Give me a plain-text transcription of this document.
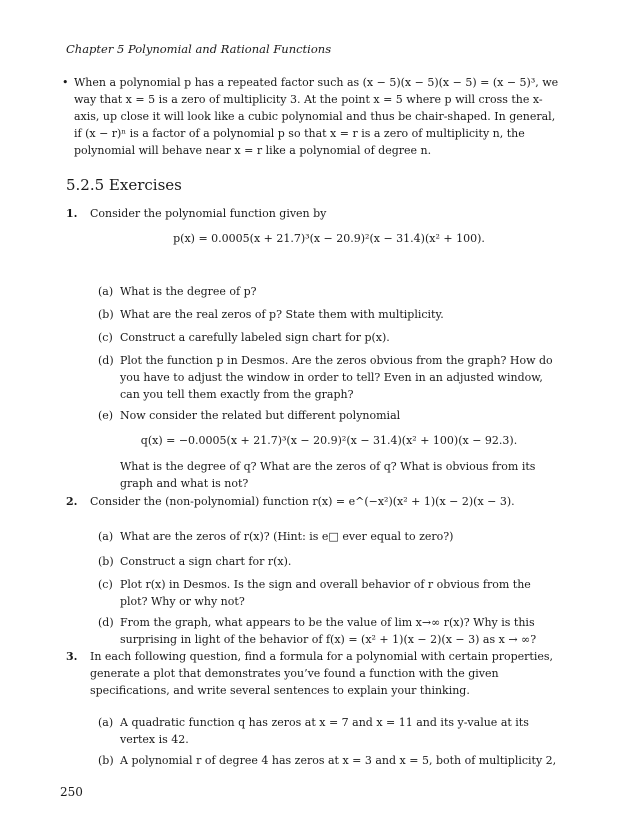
Chapter 5 Polynomial and Rational Functions
• When a polynomial p has a repeated factor such as (x − 5)(x − 5)(x − 5) = (x − 5)³, we way that x = 5 is a zero of multiplicity 3. At the point x = 5 where p will cross the x-axis, up close it will look like a cubic polynomial and thus be chair-shaped. In general, if (x − r)ⁿ is a factor of a polynomial p so that x = r is a zero of multiplicity n, the polynomial will behave near x = r like a polynomial of degree n.
5.2.5 Exercises
1. Consider the polynomial function given by
p(x) = 0.0005(x + 21.7)³(x − 20.9)²(x − 31.4)(x² + 100).
(a) What is the degree of p?
(b) What are the real zeros of p? State them with multiplicity.
(c) Construct a carefully labeled sign chart for p(x).
(d) Plot the function p in Desmos. Are the zeros obvious from the graph? How do you have to adjust the window in order to tell? Even in an adjusted window, can you tell them exactly from the graph?
(e) Now consider the related but different polynomial
q(x) = −0.0005(x + 21.7)³(x − 20.9)²(x − 31.4)(x² + 100)(x − 92.3).
What is the degree of q? What are the zeros of q? What is obvious from its graph and what is not?
2. Consider the (non-polynomial) function r(x) = e^(−x²)(x² + 1)(x − 2)(x − 3).
(a) What are the zeros of r(x)? (Hint: is e□ ever equal to zero?)
(b) Construct a sign chart for r(x).
(c) Plot r(x) in Desmos. Is the sign and overall behavior of r obvious from the plot? Why or why not?
(d) From the graph, what appears to be the value of lim x→∞ r(x)? Why is this surprising in light of the behavior of f(x) = (x² + 1)(x − 2)(x − 3) as x → ∞?
3. In each following question, find a formula for a polynomial with certain properties, generate a plot that demonstrates you’ve found a function with the given specifications, and write several sentences to explain your thinking.
(a) A quadratic function q has zeros at x = 7 and x = 11 and its y-value at its vertex is 42.
(b) A polynomial r of degree 4 has zeros at x = 3 and x = 5, both of multiplicity 2,
250
